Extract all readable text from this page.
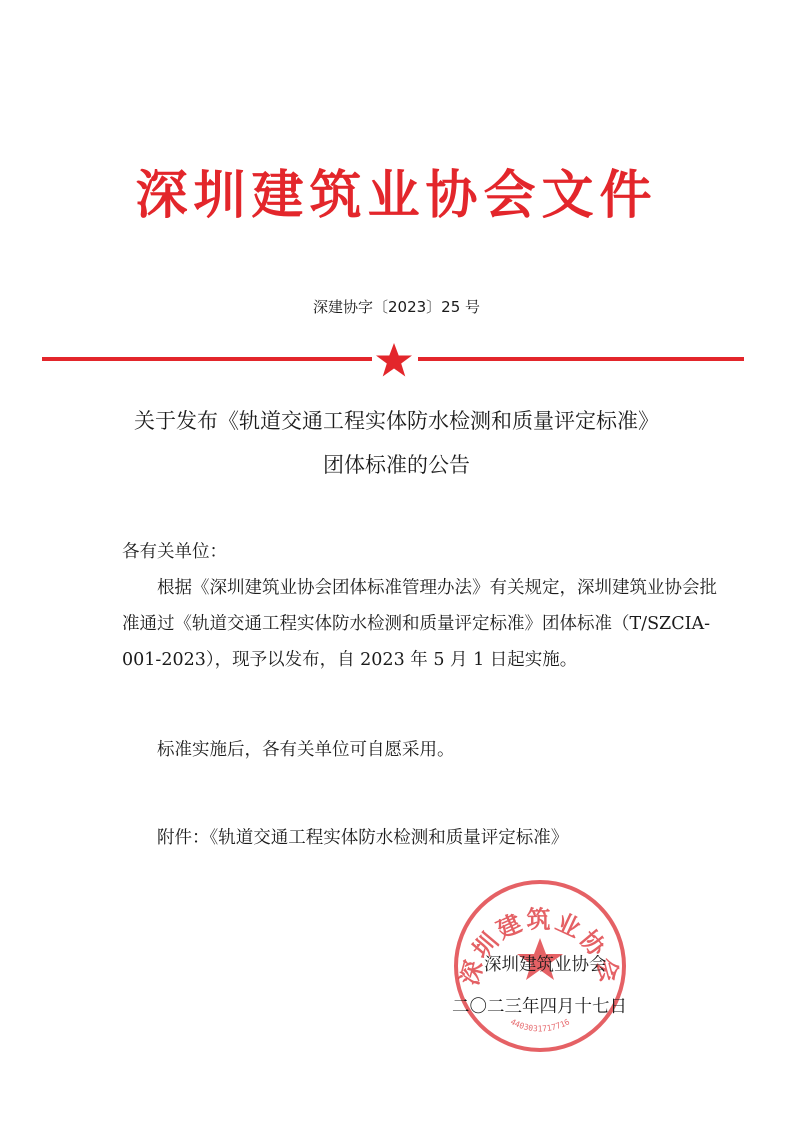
深圳建筑业协会文件
深建协字〔2023〕25 号
关于发布《轨道交通工程实体防水检测和质量评定标准》
团体标准的公告
各有关单位：
根据《深圳建筑业协会团体标准管理办法》有关规定，深圳建筑业协会批准通过《轨道交通工程实体防水检测和质量评定标准》团体标准（T/SZCIA-001-2023），现予以发布，自 2023 年 5 月 1 日起实施。
标准实施后，各有关单位可自愿采用。
附件：《轨道交通工程实体防水检测和质量评定标准》
深圳建筑业协会
4403031717716
深圳建筑业协会
二〇二三年四月十七日
